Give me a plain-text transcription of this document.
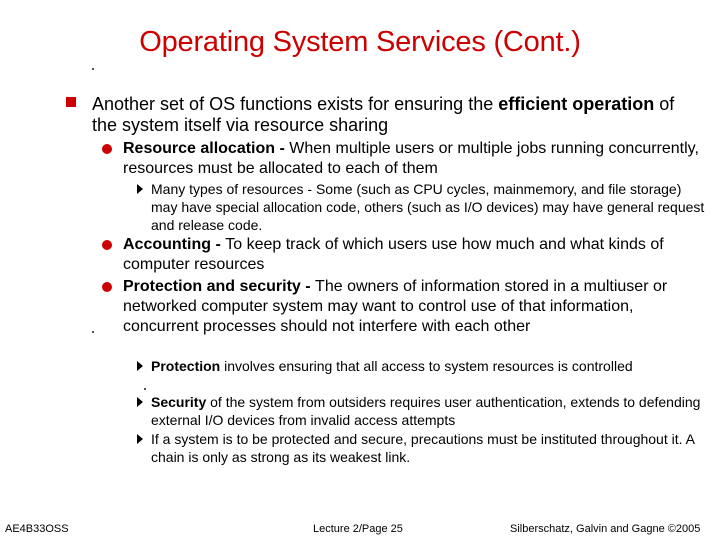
Operating System Services (Cont.)
Another set of OS functions exists for ensuring the efficient operation of the system itself via resource sharing
Resource allocation - When multiple users or multiple jobs running concurrently, resources must be allocated to each of them
Many types of resources - Some (such as CPU cycles, mainmemory, and file storage) may have special allocation code, others (such as I/O devices) may have general request and release code.
Accounting - To keep track of which users use how much and what kinds of computer resources
Protection and security - The owners of information stored in a multiuser or networked computer system may want to control use of that information, concurrent processes should not interfere with each other
Protection involves ensuring that all access to system resources is controlled
Security of the system from outsiders requires user authentication, extends to defending external I/O devices from invalid access attempts
If a system is to be protected and secure, precautions must be instituted throughout it. A chain is only as strong as its weakest link.
AE4B33OSS	Lecture 2/Page 25	Silberschatz, Galvin and Gagne ©2005
